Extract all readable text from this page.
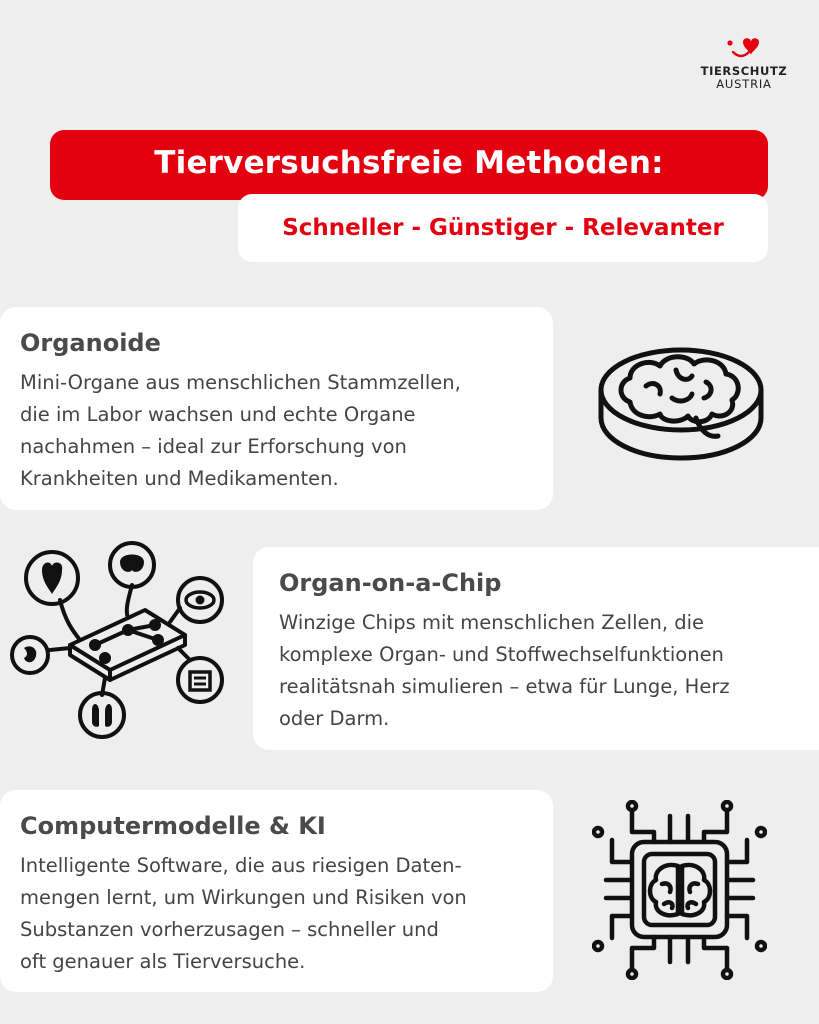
TIERSCHUTZ
AUSTRIA
Tierversuchsfreie Methoden:
Schneller - Günstiger - Relevanter
Organoide

Mini-Organe aus menschlichen Stammzellen,
die im Labor wachsen und echte Organe
nachahmen – ideal zur Erforschung von
Krankheiten und Medikamenten.

Organ-on-a-Chip

Winzige Chips mit menschlichen Zellen, die
komplexe Organ- und Stoffwechselfunktionen
realitätsnah simulieren – etwa für Lunge, Herz
oder Darm.

Computermodelle & KI

Intelligente Software, die aus riesigen Daten-
mengen lernt, um Wirkungen und Risiken von
Substanzen vorherzusagen – schneller und
oft genauer als Tierversuche.
